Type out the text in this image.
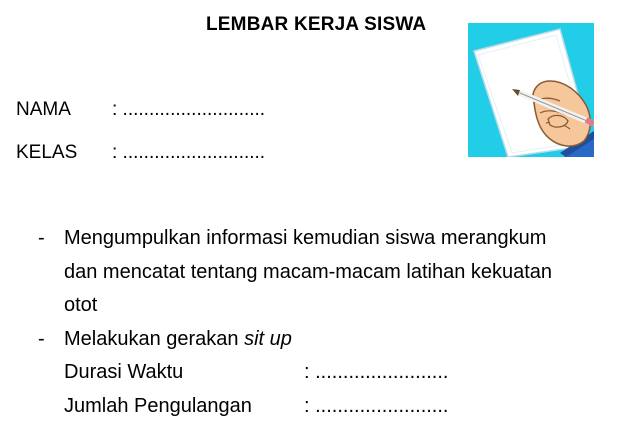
LEMBAR KERJA SISWA
NAMA : ...........................
KELAS : ...........................
- Mengumpulkan informasi kemudian siswa merangkum
dan mencatat tentang macam-macam latihan kekuatan
otot
- Melakukan gerakan sit up
Durasi Waktu	: ........................
Jumlah Pengulangan	: ........................
